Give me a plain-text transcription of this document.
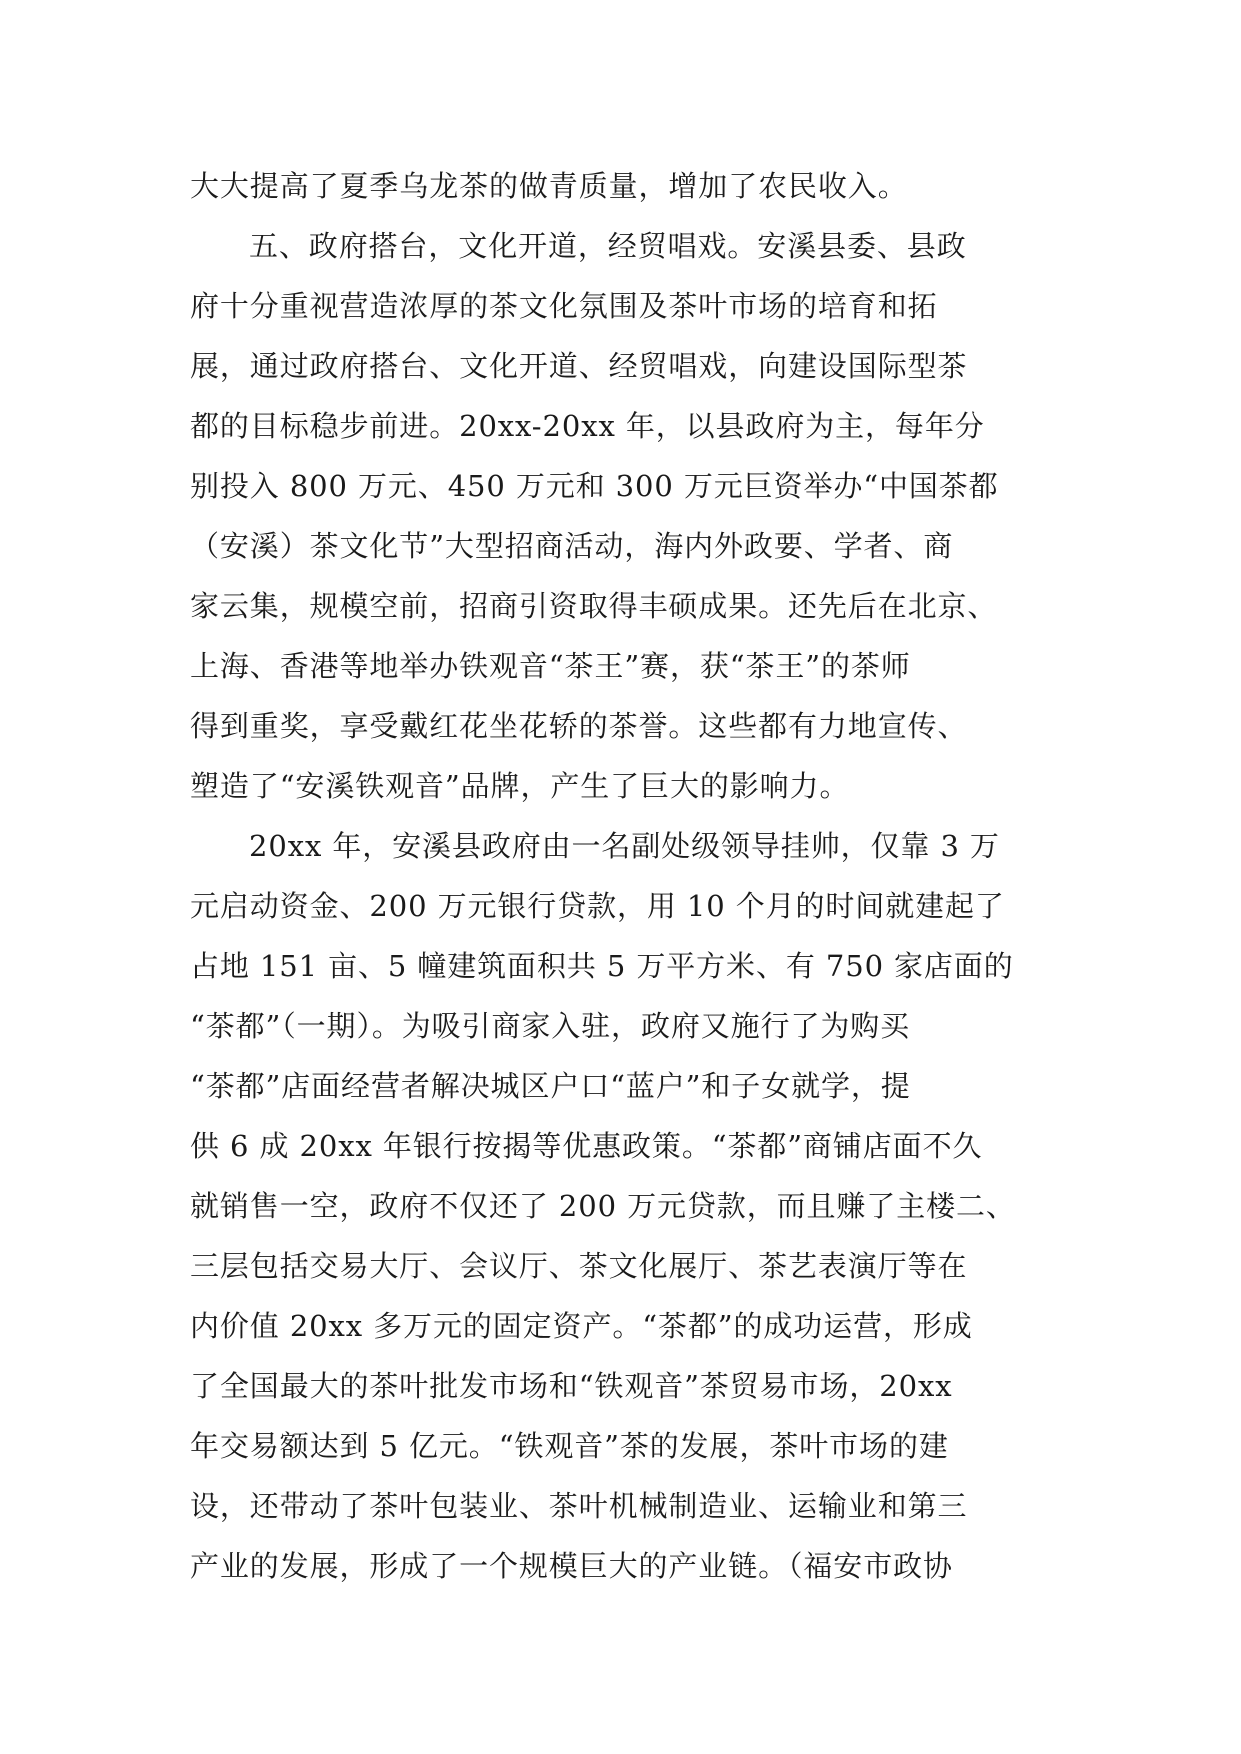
大大提高了夏季乌龙茶的做青质量，增加了农民收入。
五、政府搭台，文化开道，经贸唱戏。安溪县委、县政
府十分重视营造浓厚的茶文化氛围及茶叶市场的培育和拓
展，通过政府搭台、文化开道、经贸唱戏，向建设国际型茶
都的目标稳步前进。20xx-20xx 年，以县政府为主，每年分
别投入 800 万元、450 万元和 300 万元巨资举办“中国茶都
（安溪）茶文化节”大型招商活动，海内外政要、学者、商
家云集，规模空前，招商引资取得丰硕成果。还先后在北京、
上海、香港等地举办铁观音“茶王”赛，获“茶王”的茶师
得到重奖，享受戴红花坐花轿的茶誉。这些都有力地宣传、
塑造了“安溪铁观音”品牌，产生了巨大的影响力。
20xx 年，安溪县政府由一名副处级领导挂帅，仅靠 3 万
元启动资金、200 万元银行贷款，用 10 个月的时间就建起了
占地 151 亩、5 幢建筑面积共 5 万平方米、有 750 家店面的
“茶都”（一期）。为吸引商家入驻，政府又施行了为购买
“茶都”店面经营者解决城区户口“蓝户”和子女就学，提
供 6 成 20xx 年银行按揭等优惠政策。“茶都”商铺店面不久
就销售一空，政府不仅还了 200 万元贷款，而且赚了主楼二、
三层包括交易大厅、会议厅、茶文化展厅、茶艺表演厅等在
内价值 20xx 多万元的固定资产。“茶都”的成功运营，形成
了全国最大的茶叶批发市场和“铁观音”茶贸易市场，20xx
年交易额达到 5 亿元。“铁观音”茶的发展，茶叶市场的建
设，还带动了茶叶包装业、茶叶机械制造业、运输业和第三
产业的发展，形成了一个规模巨大的产业链。（福安市政协
